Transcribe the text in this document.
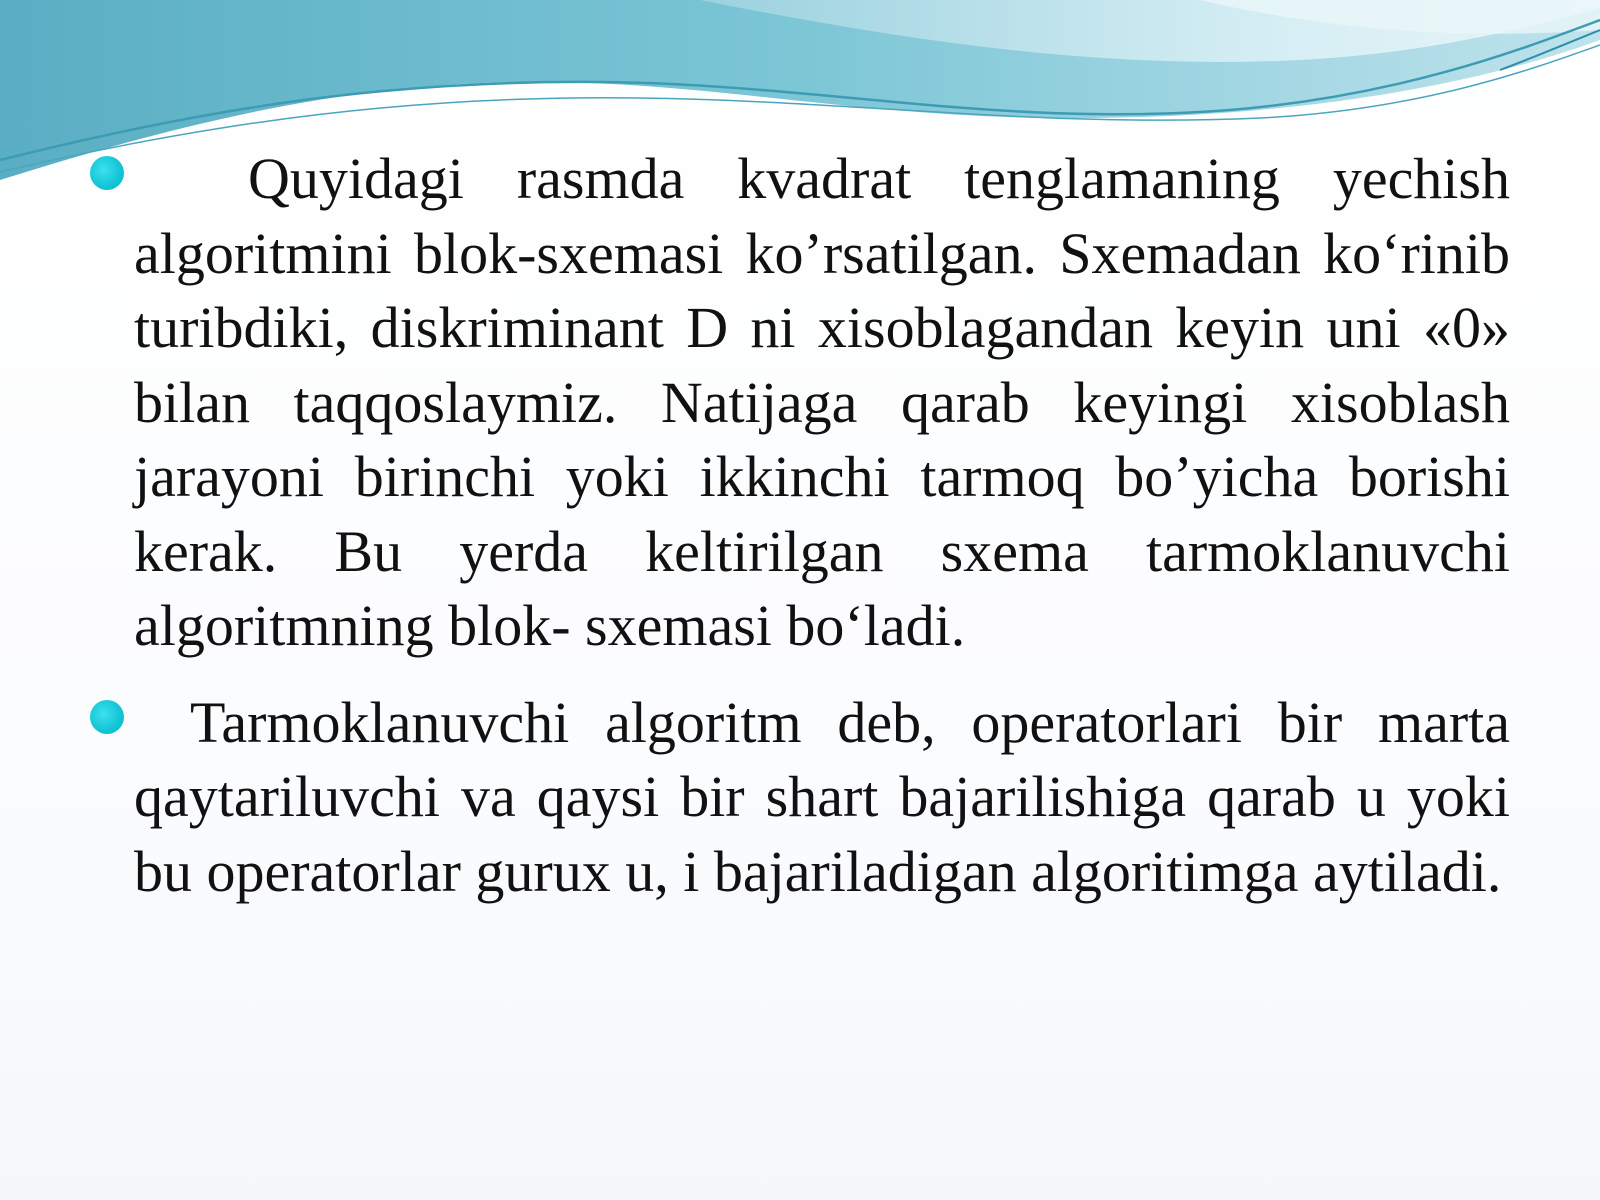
Quyidagi rasmda kvadrat tenglamaning yechish algoritmini blok-sxemasi ko’rsatilgan. Sxemadan ko‘rinib turibdiki, diskriminant D ni xisoblagandan keyin uni «0» bilan taqqoslaymiz. Natijaga qarab keyingi xisoblash jarayoni birinchi yoki ikkinchi tarmoq bo’yicha borishi kerak. Bu yerda keltirilgan sxema tarmoklanuvchi algoritmning blok- sxemasi bo‘ladi.

Tarmoklanuvchi algoritm deb, operatorlari bir marta qaytariluvchi va qaysi bir shart bajarilishiga qarab u yoki bu operatorlar gurux u, i bajariladigan algoritimga aytiladi.
